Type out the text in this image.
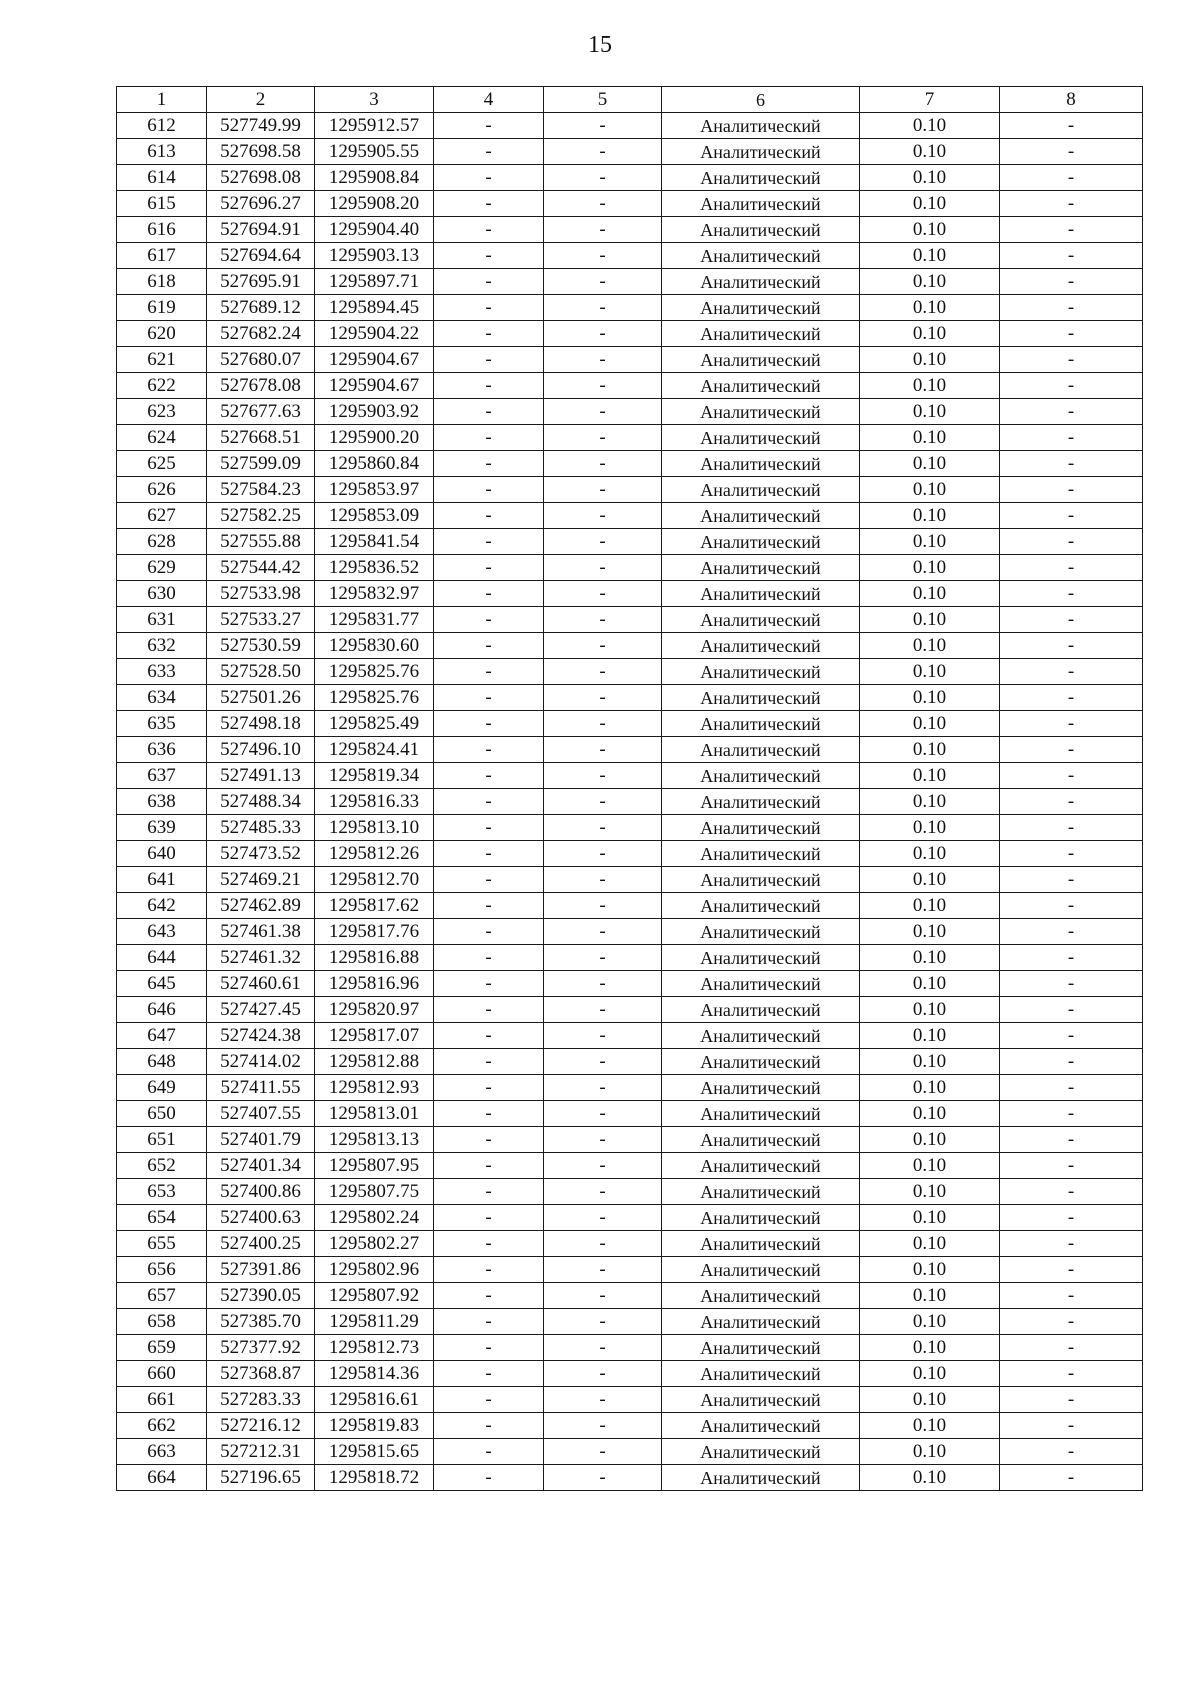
15
1	2	3	4	5	6	7	8
612	527749.99	1295912.57	-	-	Аналитический	0.10	-
613	527698.58	1295905.55	-	-	Аналитический	0.10	-
614	527698.08	1295908.84	-	-	Аналитический	0.10	-
615	527696.27	1295908.20	-	-	Аналитический	0.10	-
616	527694.91	1295904.40	-	-	Аналитический	0.10	-
617	527694.64	1295903.13	-	-	Аналитический	0.10	-
618	527695.91	1295897.71	-	-	Аналитический	0.10	-
619	527689.12	1295894.45	-	-	Аналитический	0.10	-
620	527682.24	1295904.22	-	-	Аналитический	0.10	-
621	527680.07	1295904.67	-	-	Аналитический	0.10	-
622	527678.08	1295904.67	-	-	Аналитический	0.10	-
623	527677.63	1295903.92	-	-	Аналитический	0.10	-
624	527668.51	1295900.20	-	-	Аналитический	0.10	-
625	527599.09	1295860.84	-	-	Аналитический	0.10	-
626	527584.23	1295853.97	-	-	Аналитический	0.10	-
627	527582.25	1295853.09	-	-	Аналитический	0.10	-
628	527555.88	1295841.54	-	-	Аналитический	0.10	-
629	527544.42	1295836.52	-	-	Аналитический	0.10	-
630	527533.98	1295832.97	-	-	Аналитический	0.10	-
631	527533.27	1295831.77	-	-	Аналитический	0.10	-
632	527530.59	1295830.60	-	-	Аналитический	0.10	-
633	527528.50	1295825.76	-	-	Аналитический	0.10	-
634	527501.26	1295825.76	-	-	Аналитический	0.10	-
635	527498.18	1295825.49	-	-	Аналитический	0.10	-
636	527496.10	1295824.41	-	-	Аналитический	0.10	-
637	527491.13	1295819.34	-	-	Аналитический	0.10	-
638	527488.34	1295816.33	-	-	Аналитический	0.10	-
639	527485.33	1295813.10	-	-	Аналитический	0.10	-
640	527473.52	1295812.26	-	-	Аналитический	0.10	-
641	527469.21	1295812.70	-	-	Аналитический	0.10	-
642	527462.89	1295817.62	-	-	Аналитический	0.10	-
643	527461.38	1295817.76	-	-	Аналитический	0.10	-
644	527461.32	1295816.88	-	-	Аналитический	0.10	-
645	527460.61	1295816.96	-	-	Аналитический	0.10	-
646	527427.45	1295820.97	-	-	Аналитический	0.10	-
647	527424.38	1295817.07	-	-	Аналитический	0.10	-
648	527414.02	1295812.88	-	-	Аналитический	0.10	-
649	527411.55	1295812.93	-	-	Аналитический	0.10	-
650	527407.55	1295813.01	-	-	Аналитический	0.10	-
651	527401.79	1295813.13	-	-	Аналитический	0.10	-
652	527401.34	1295807.95	-	-	Аналитический	0.10	-
653	527400.86	1295807.75	-	-	Аналитический	0.10	-
654	527400.63	1295802.24	-	-	Аналитический	0.10	-
655	527400.25	1295802.27	-	-	Аналитический	0.10	-
656	527391.86	1295802.96	-	-	Аналитический	0.10	-
657	527390.05	1295807.92	-	-	Аналитический	0.10	-
658	527385.70	1295811.29	-	-	Аналитический	0.10	-
659	527377.92	1295812.73	-	-	Аналитический	0.10	-
660	527368.87	1295814.36	-	-	Аналитический	0.10	-
661	527283.33	1295816.61	-	-	Аналитический	0.10	-
662	527216.12	1295819.83	-	-	Аналитический	0.10	-
663	527212.31	1295815.65	-	-	Аналитический	0.10	-
664	527196.65	1295818.72	-	-	Аналитический	0.10	-
